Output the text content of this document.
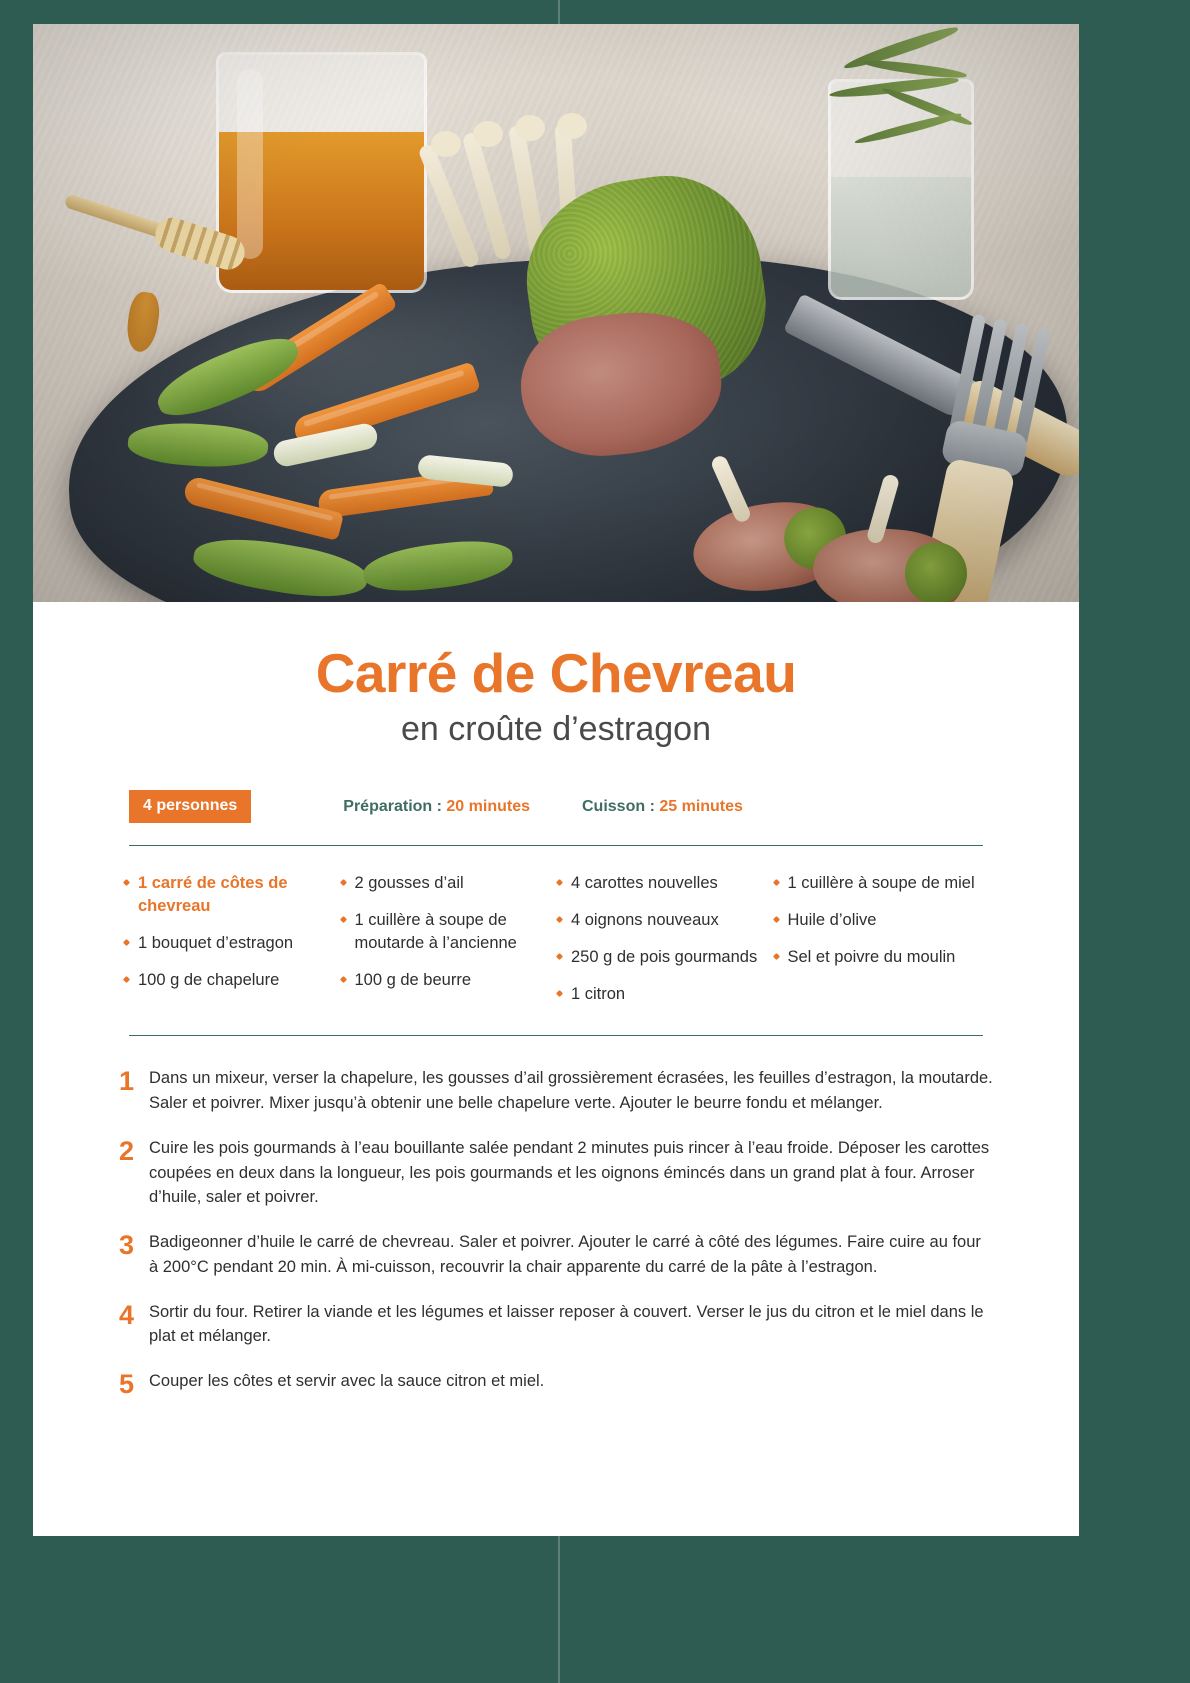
Carré de Chevreau
en croûte d’estragon
4 personnes	Préparation : 20 minutes	Cuisson : 25 minutes
1 carré de côtes de chevreau
1 bouquet d’estragon
100 g de chapelure
2 gousses d’ail
1 cuillère à soupe de moutarde à l’ancienne
100 g de beurre
4 carottes nouvelles
4 oignons nouveaux
250 g de pois gourmands
1 citron
1 cuillère à soupe de miel
Huile d’olive
Sel et poivre du moulin
1 Dans un mixeur, verser la chapelure, les gousses d’ail grossièrement écrasées, les feuilles d’estragon, la moutarde. Saler et poivrer. Mixer jusqu’à obtenir une belle chapelure verte. Ajouter le beurre fondu et mélanger.
2 Cuire les pois gourmands à l’eau bouillante salée pendant 2 minutes puis rincer à l’eau froide. Déposer les carottes coupées en deux dans la longueur, les pois gourmands et les oignons émincés dans un grand plat à four. Arroser d’huile, saler et poivrer.
3 Badigeonner d’huile le carré de chevreau. Saler et poivrer. Ajouter le carré à côté des légumes. Faire cuire au four à 200°C pendant 20 min. À mi-cuisson, recouvrir la chair apparente du carré de la pâte à l’estragon.
4 Sortir du four. Retirer la viande et les légumes et laisser reposer à couvert. Verser le jus du citron et le miel dans le plat et mélanger.
5 Couper les côtes et servir avec la sauce citron et miel.
